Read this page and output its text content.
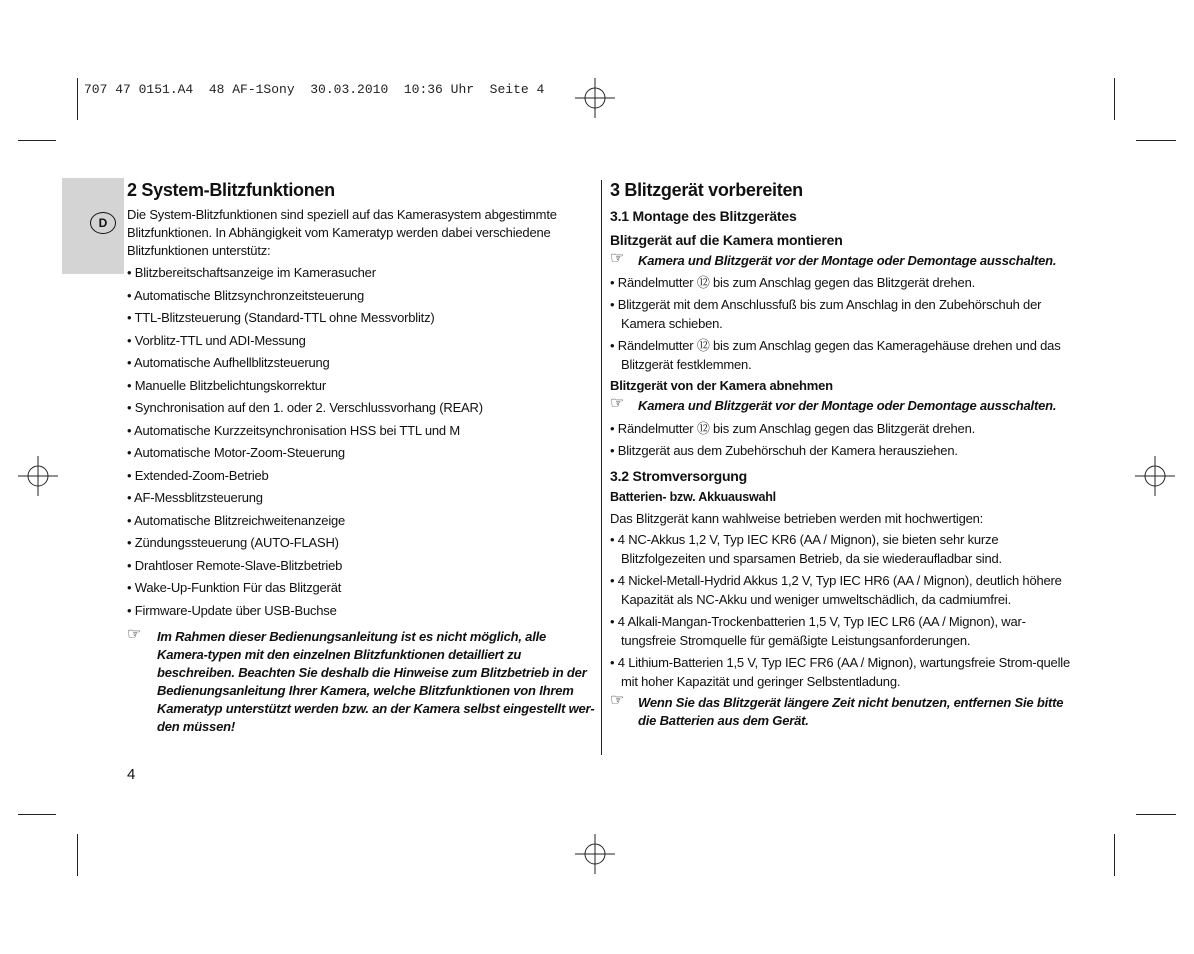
707 47 0151.A4  48 AF-1Sony  30.03.2010  10:36 Uhr  Seite 4
D
2 System-Blitzfunktionen

Die System-Blitzfunktionen sind speziell auf das Kamerasystem abgestimmte Blitzfunktionen. In Abhängigkeit vom Kameratyp werden dabei verschiedene Blitzfunktionen unterstütz:

• Blitzbereitschaftsanzeige im Kamerasucher
• Automatische Blitzsynchronzeitsteuerung
• TTL-Blitzsteuerung (Standard-TTL ohne Messvorblitz)
• Vorblitz-TTL und ADI-Messung
• Automatische Aufhellblitzsteuerung
• Manuelle Blitzbelichtungskorrektur
• Synchronisation auf den 1. oder 2. Verschlussvorhang (REAR)
• Automatische Kurzzeitsynchronisation HSS bei TTL und M
• Automatische Motor-Zoom-Steuerung
• Extended-Zoom-Betrieb
• AF-Messblitzsteuerung
• Automatische Blitzreichweitenanzeige
• Zündungssteuerung (AUTO-FLASH)
• Drahtloser Remote-Slave-Blitzbetrieb
• Wake-Up-Funktion Für das Blitzgerät
• Firmware-Update über USB-Buchse
☞ Im Rahmen dieser Bedienungsanleitung ist es nicht möglich, alle Kamera-typen mit den einzelnen Blitzfunktionen detailliert zu beschreiben. Beachten Sie deshalb die Hinweise zum Blitzbetrieb in der Bedienungsanleitung Ihrer Kamera, welche Blitzfunktionen von Ihrem Kameratyp unterstützt werden bzw. an der Kamera selbst eingestellt wer-den müssen!
3 Blitzgerät vorbereiten
3.1 Montage des Blitzgerätes
Blitzgerät auf die Kamera montieren
☞ Kamera und Blitzgerät vor der Montage oder Demontage ausschalten.
• Rändelmutter ⑫ bis zum Anschlag gegen das Blitzgerät drehen.
• Blitzgerät mit dem Anschlussfuß bis zum Anschlag in den Zubehörschuh der Kamera schieben.
• Rändelmutter ⑫ bis zum Anschlag gegen das Kameragehäuse drehen und das Blitzgerät festklemmen.
Blitzgerät von der Kamera abnehmen
☞ Kamera und Blitzgerät vor der Montage oder Demontage ausschalten.
• Rändelmutter ⑫ bis zum Anschlag gegen das Blitzgerät drehen.
• Blitzgerät aus dem Zubehörschuh der Kamera herausziehen.
3.2 Stromversorgung
Batterien- bzw. Akkuauswahl

Das Blitzgerät kann wahlweise betrieben werden mit hochwertigen:

• 4 NC-Akkus 1,2 V, Typ IEC KR6 (AA / Mignon), sie bieten sehr kurze Blitzfolgezeiten und sparsamen Betrieb, da sie wiederaufladbar sind.
• 4 Nickel-Metall-Hydrid Akkus 1,2 V, Typ IEC HR6 (AA / Mignon), deutlich höhere Kapazität als NC-Akku und weniger umweltschädlich, da cadmiumfrei.
• 4 Alkali-Mangan-Trockenbatterien 1,5 V, Typ IEC LR6 (AA / Mignon), war-tungsfreie Stromquelle für gemäßigte Leistungsanforderungen.
• 4 Lithium-Batterien 1,5 V, Typ IEC FR6 (AA / Mignon), wartungsfreie Strom-quelle mit hoher Kapazität und geringer Selbstentladung.
☞ Wenn Sie das Blitzgerät längere Zeit nicht benutzen, entfernen Sie bitte die Batterien aus dem Gerät.
4
